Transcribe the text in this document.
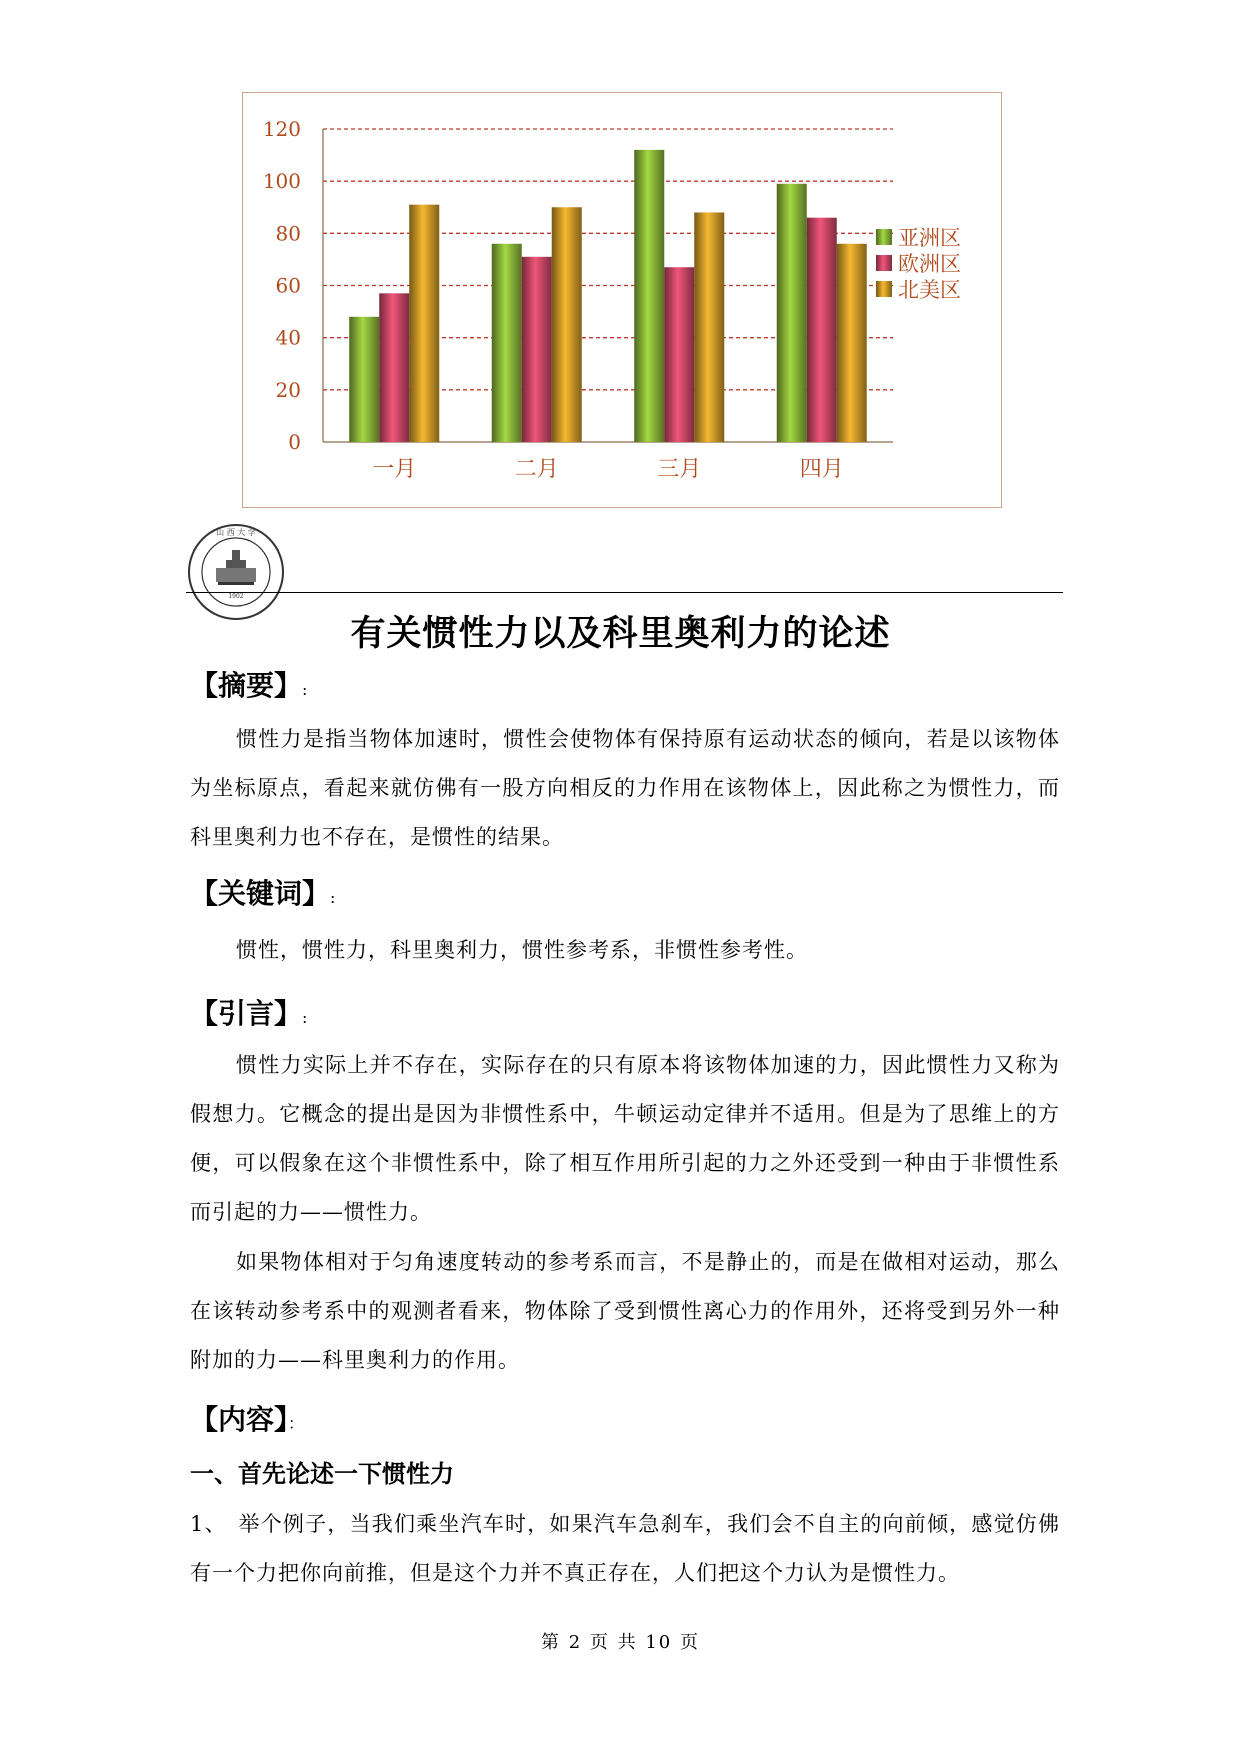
0
20
40
60
80
100
120
一月	二月	三月	四月
亚洲区
欧洲区
北美区
山 西 大 学
1902
有关惯性力以及科里奥利力的论述
【摘要】:
惯性力是指当物体加速时，惯性会使物体有保持原有运动状态的倾向，若是以该物体为坐标原点，看起来就仿佛有一股方向相反的力作用在该物体上，因此称之为惯性力，而科里奥利力也不存在，是惯性的结果。
【关键词】:
惯性，惯性力，科里奥利力，惯性参考系，非惯性参考性。
【引言】:
惯性力实际上并不存在，实际存在的只有原本将该物体加速的力，因此惯性力又称为假想力。它概念的提出是因为非惯性系中，牛顿运动定律并不适用。但是为了思维上的方便，可以假象在这个非惯性系中，除了相互作用所引起的力之外还受到一种由于非惯性系而引起的力——惯性力。
如果物体相对于匀角速度转动的参考系而言，不是静止的，而是在做相对运动，那么在该转动参考系中的观测者看来，物体除了受到惯性离心力的作用外，还将受到另外一种附加的力——科里奥利力的作用。
【内容】：
一、首先论述一下惯性力
1、　举个例子，当我们乘坐汽车时，如果汽车急刹车，我们会不自主的向前倾，感觉仿佛有一个力把你向前推，但是这个力并不真正存在，人们把这个力认为是惯性力。
第 2 页 共 10 页
